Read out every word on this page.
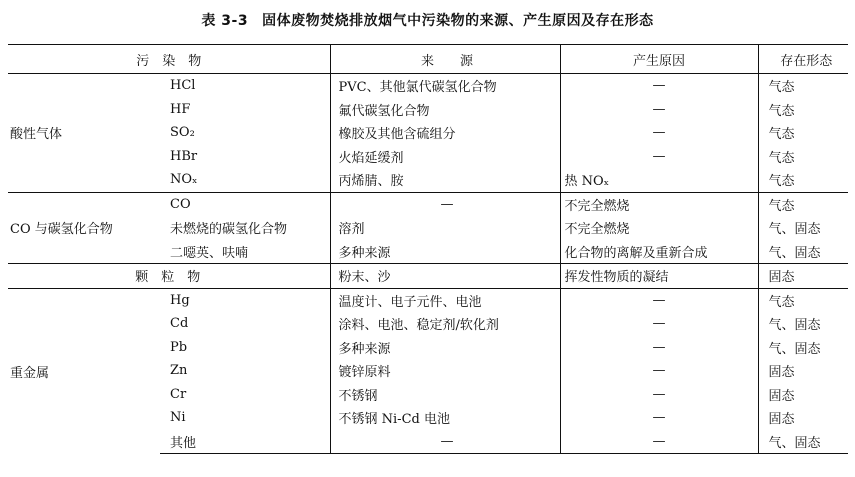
表 3-3 固体废物焚烧排放烟气中污染物的来源、产生原因及存在形态
污　染　物		来　　源	产生原因	存在形态
酸性气体	HCl	PVC、其他氯代碳氢化合物	—	气态
	HF	氟代碳氢化合物	—	气态
	SO₂	橡胶及其他含硫组分	—	气态
	HBr	火焰延缓剂	—	气态
	NOₓ	丙烯腈、胺	热 NOₓ	气态
CO 与碳氢化合物	CO	—	不完全燃烧	气态
	未燃烧的碳氢化合物	溶剂	不完全燃烧	气、固态
	二噁英、呋喃	多种来源	化合物的离解及重新合成	气、固态
颗　粒　物		粉末、沙	挥发性物质的凝结	固态
重金属	Hg	温度计、电子元件、电池	—	气态
	Cd	涂料、电池、稳定剂/软化剂	—	气、固态
	Pb	多种来源	—	气、固态
	Zn	镀锌原料	—	固态
	Cr	不锈钢	—	固态
	Ni	不锈钢 Ni-Cd 电池	—	固态
	其他	—	—	气、固态
